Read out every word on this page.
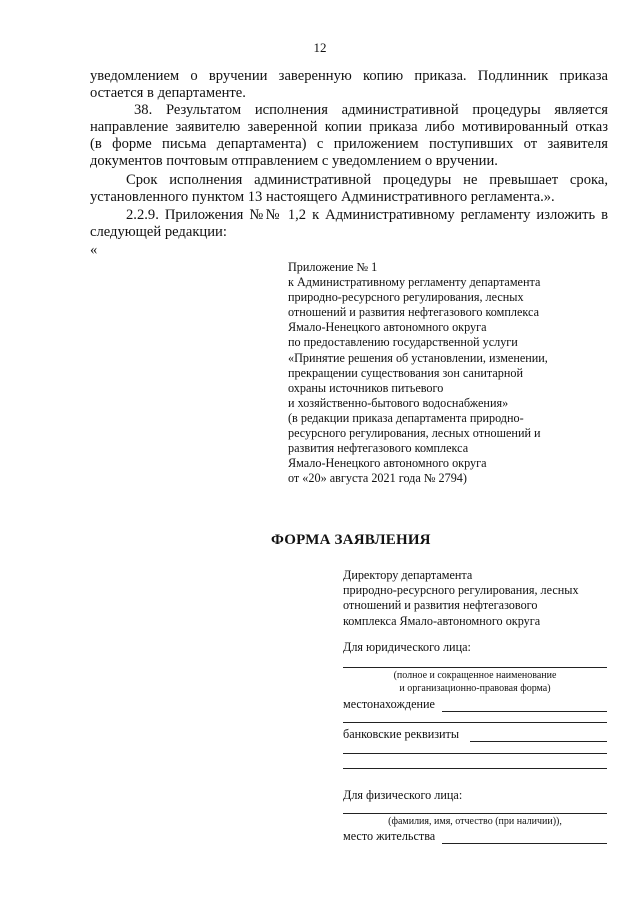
12
уведомлением о вручении заверенную копию приказа. Подлинник приказа
остается в департаменте.
38. Результатом исполнения административной процедуры является
направление заявителю заверенной копии приказа либо мотивированный отказ
(в форме письма департамента) с приложением поступивших от заявителя
документов почтовым отправлением с уведомлением о вручении.
Срок исполнения административной процедуры не превышает срока,
установленного пунктом 13 настоящего Административного регламента.».
2.2.9. Приложения №№ 1,2 к Административному регламенту изложить в
следующей редакции:
«
Приложение № 1
к Административному регламенту департамента
природно-ресурсного регулирования, лесных
отношений и развития нефтегазового комплекса
Ямало-Ненецкого автономного округа
по предоставлению государственной услуги
«Принятие решения об установлении, изменении,
прекращении существования зон санитарной
охраны источников питьевого
и хозяйственно-бытового водоснабжения»
(в редакции приказа департамента природно-
ресурсного регулирования, лесных отношений и
развития нефтегазового комплекса
Ямало-Ненецкого автономного округа
от «20» августа 2021 года № 2794)
ФОРМА ЗАЯВЛЕНИЯ
Директору департамента
природно-ресурсного регулирования, лесных
отношений и развития нефтегазового
комплекса Ямало-автономного округа
Для юридического лица:
(полное и сокращенное наименование
и организационно-правовая форма)
местонахождение
банковские реквизиты
Для физического лица:
(фамилия, имя, отчество (при наличии)),
место жительства
